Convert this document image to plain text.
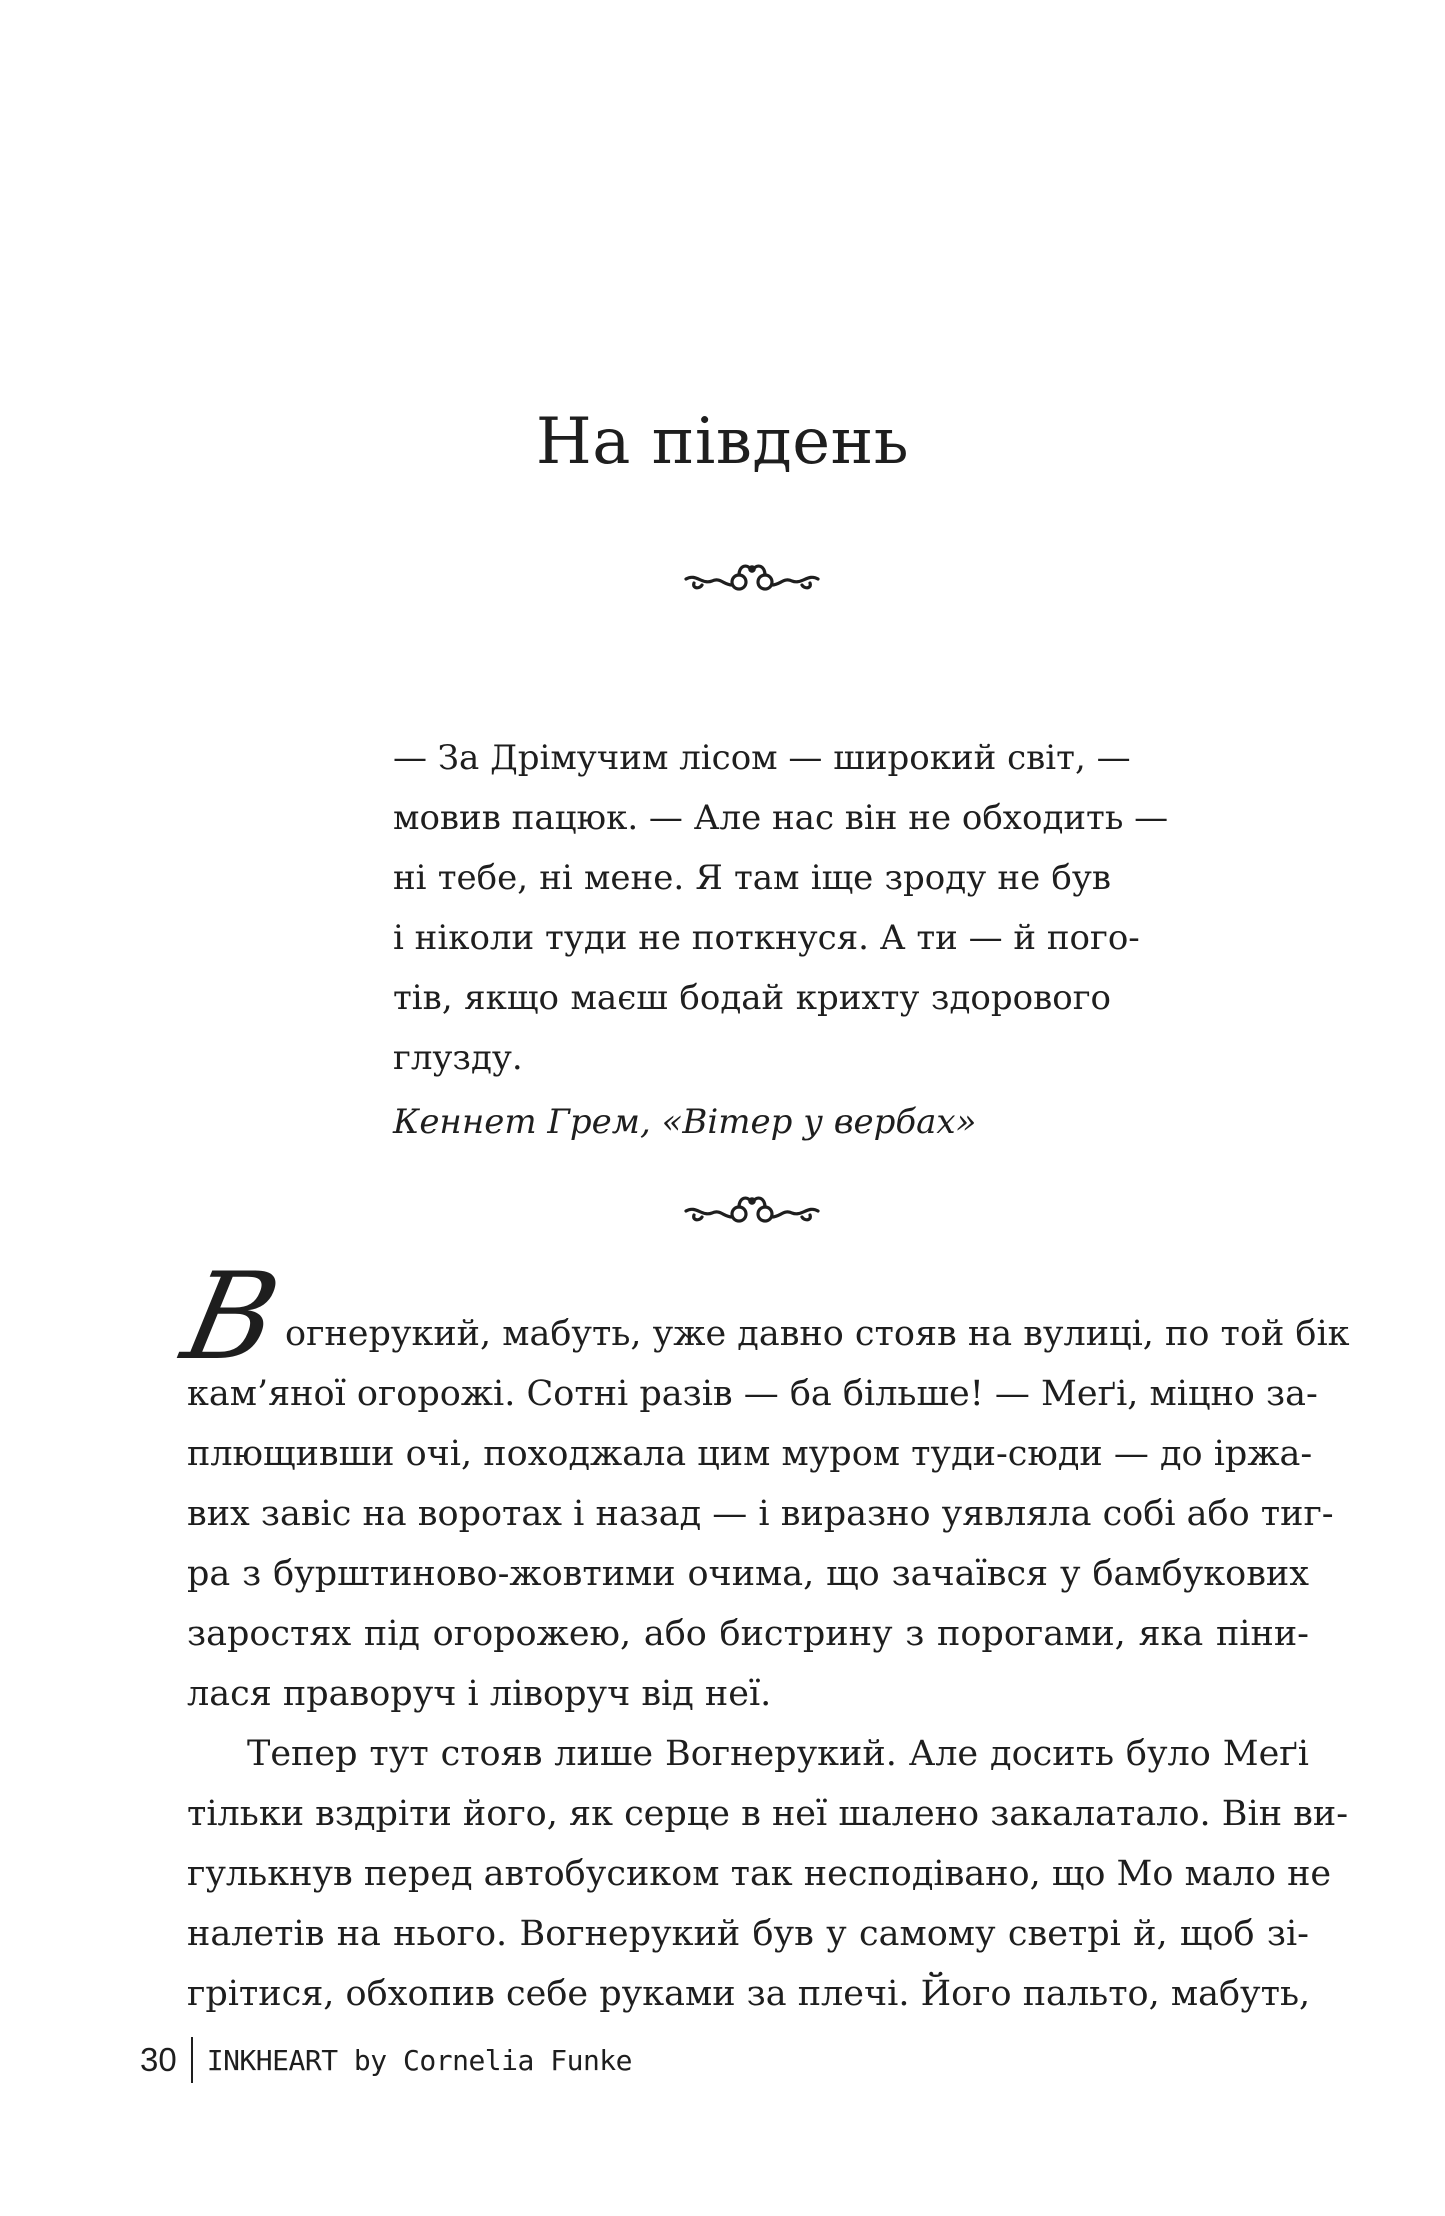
На південь
— За Дрімучим лісом — широкий світ, —
мовив пацюк. — Але нас він не обходить —
ні тебе, ні мене. Я там іще зроду не був
і ніколи туди не поткнуся. А ти — й пого-
тів, якщо маєш бодай крихту здорового
глузду.
Кеннет Грем, «Вітер у вербах»
В
огнерукий, мабуть, уже давно стояв на вулиці, по той бік
кам’яної огорожі. Сотні разів — ба більше! — Меґі, міцно за-
плющивши очі, походжала цим муром туди-сюди — до іржа-
вих завіс на воротах і назад — і виразно уявляла собі або тиг-
ра з бурштиново-жовтими очима, що зачаївся у бамбукових
заростях під огорожею, або бистрину з порогами, яка піни-
лася праворуч і ліворуч від неї.
Тепер тут стояв лише Вогнерукий. Але досить було Меґі
тільки вздріти його, як серце в неї шалено закалатало. Він ви-
гулькнув перед автобусиком так несподівано, що Мо мало не
налетів на нього. Вогнерукий був у самому светрі й, щоб зі-
грітися, обхопив себе руками за плечі. Його пальто, мабуть,
30	INKHEART by Cornelia Funke
